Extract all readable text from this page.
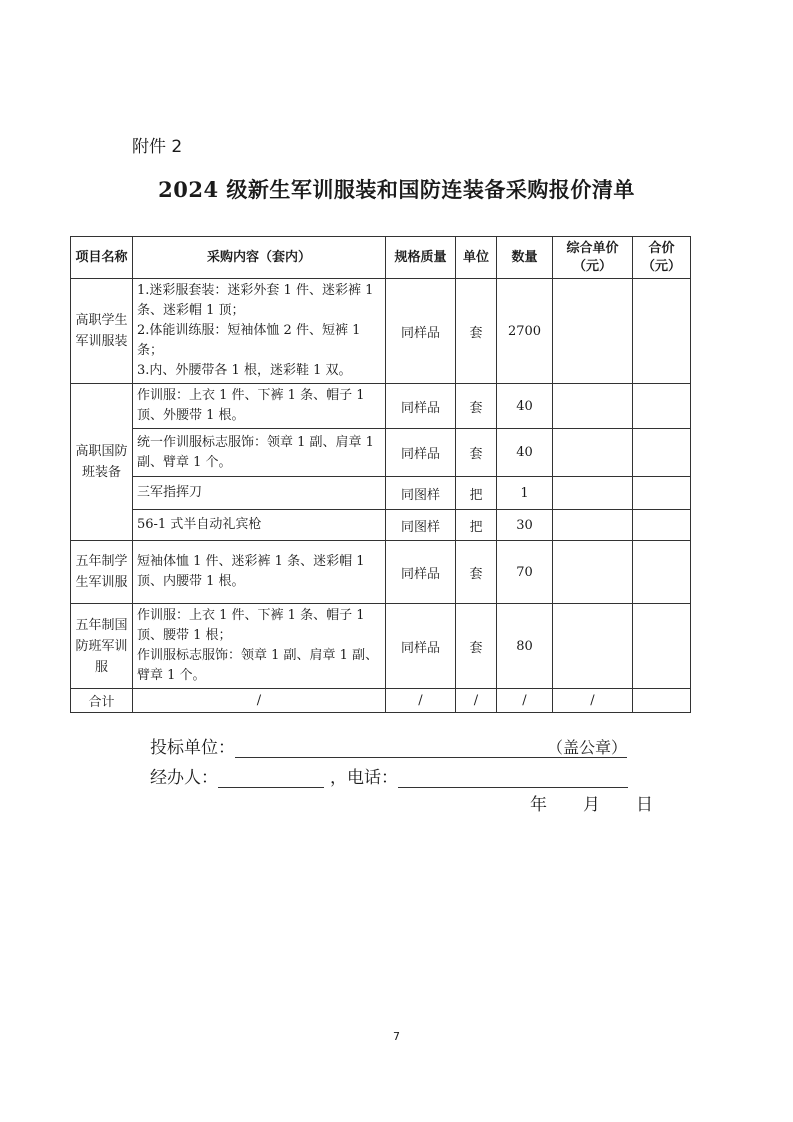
附件 2
2024 级新生军训服装和国防连装备采购报价清单
项目名称	采购内容（套内）	规格质量	单位	数量	综合单价（元）	合价（元）
高职学生军训服装	1.迷彩服套装：迷彩外套 1 件、迷彩裤 1 条、迷彩帽 1 顶；
2.体能训练服：短袖体恤 2 件、短裤 1 条；
3.内、外腰带各 1 根，迷彩鞋 1 双。	同样品	套	2700		
高职国防班装备	作训服：上衣 1 件、下裤 1 条、帽子 1 顶、外腰带 1 根。	同样品	套	40		
	统一作训服标志服饰：领章 1 副、肩章 1 副、臂章 1 个。	同样品	套	40		
	三军指挥刀	同图样	把	1		
	56-1 式半自动礼宾枪	同图样	把	30		
五年制学生军训服	短袖体恤 1 件、迷彩裤 1 条、迷彩帽 1 顶、内腰带 1 根。	同样品	套	70		
五年制国防班军训服	作训服：上衣 1 件、下裤 1 条、帽子 1 顶、腰带 1 根；
作训服标志服饰：领章 1 副、肩章 1 副、臂章 1 个。	同样品	套	80		
合计	/	/	/	/	/	
投标单位：	（盖公章）
经办人：	，电话：
年 月 日
7
